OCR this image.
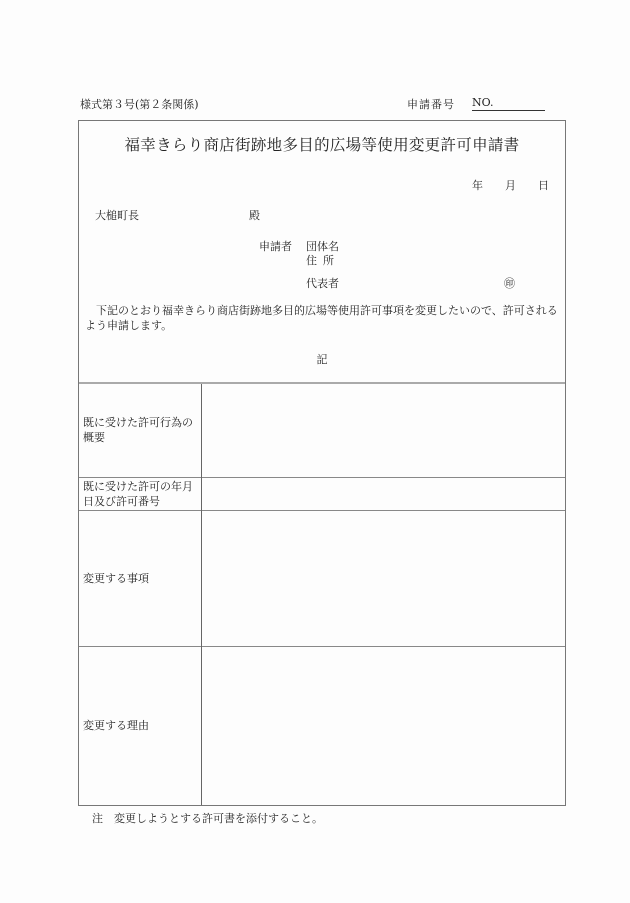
様式第３号(第２条関係)	申請番号 NO.
福幸きらり商店街跡地多目的広場等使用変更許可申請書
年　　月　　日
大槌町長	殿
申請者 団体名
住所
代表者	㊞
下記のとおり福幸きらり商店街跡地多目的広場等使用許可事項を変更したいので、許可されるよう申請します。
記
既に受けた許可行為の概要	
既に受けた許可の年月日及び許可番号	
変更する事項	
変更する理由	
注　変更しようとする許可書を添付すること。
